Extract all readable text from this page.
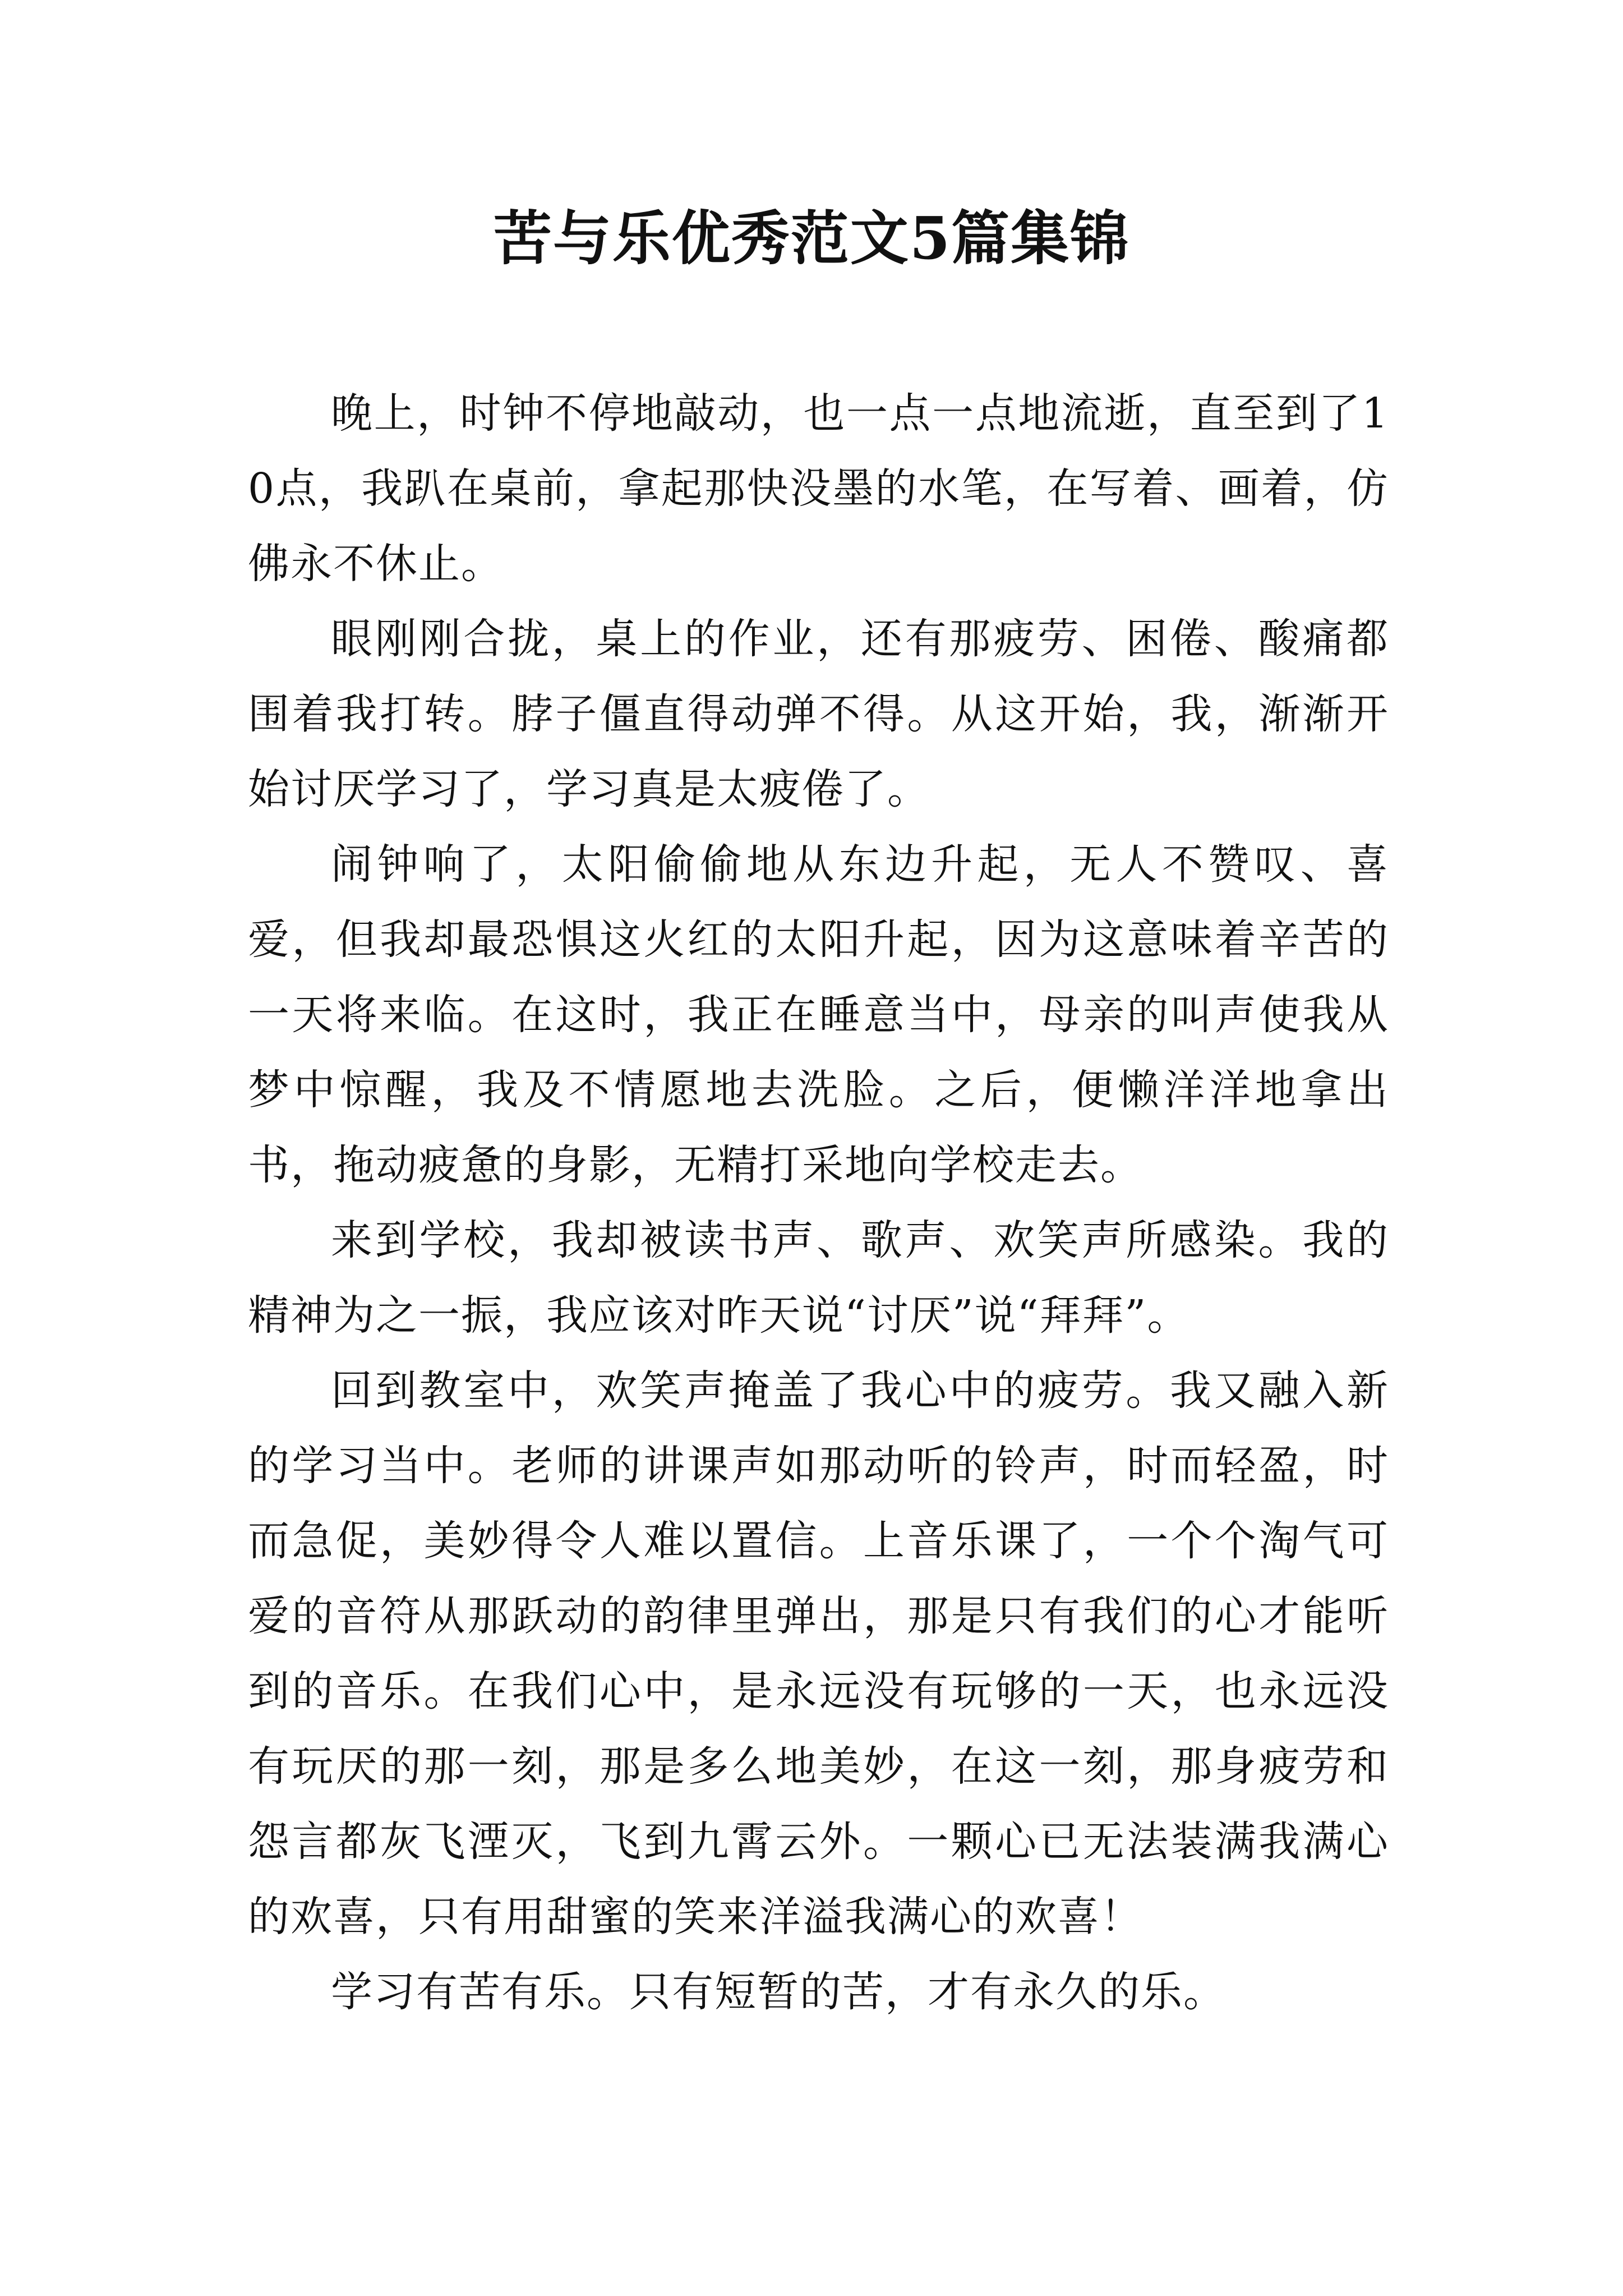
苦与乐优秀范文5篇集锦

晚上，时钟不停地敲动，也一点一点地流逝，直至到了10点，我趴在桌前，拿起那快没墨的水笔，在写着、画着，仿佛永不休止。

眼刚刚合拢，桌上的作业，还有那疲劳、困倦、酸痛都围着我打转。脖子僵直得动弹不得。从这开始，我，渐渐开始讨厌学习了，学习真是太疲倦了。

闹钟响了，太阳偷偷地从东边升起，无人不赞叹、喜爱，但我却最恐惧这火红的太阳升起，因为这意味着辛苦的一天将来临。在这时，我正在睡意当中，母亲的叫声使我从梦中惊醒，我及不情愿地去洗脸。之后，便懒洋洋地拿出书，拖动疲惫的身影，无精打采地向学校走去。

来到学校，我却被读书声、歌声、欢笑声所感染。我的精神为之一振，我应该对昨天说“讨厌”说“拜拜”。

回到教室中，欢笑声掩盖了我心中的疲劳。我又融入新的学习当中。老师的讲课声如那动听的铃声，时而轻盈，时而急促，美妙得令人难以置信。上音乐课了，一个个淘气可爱的音符从那跃动的韵律里弹出，那是只有我们的心才能听到的音乐。在我们心中，是永远没有玩够的一天，也永远没有玩厌的那一刻，那是多么地美妙，在这一刻，那身疲劳和怨言都灰飞湮灭，飞到九霄云外。一颗心已无法装满我满心的欢喜，只有用甜蜜的笑来洋溢我满心的欢喜！

学习有苦有乐。只有短暂的苦，才有永久的乐。
